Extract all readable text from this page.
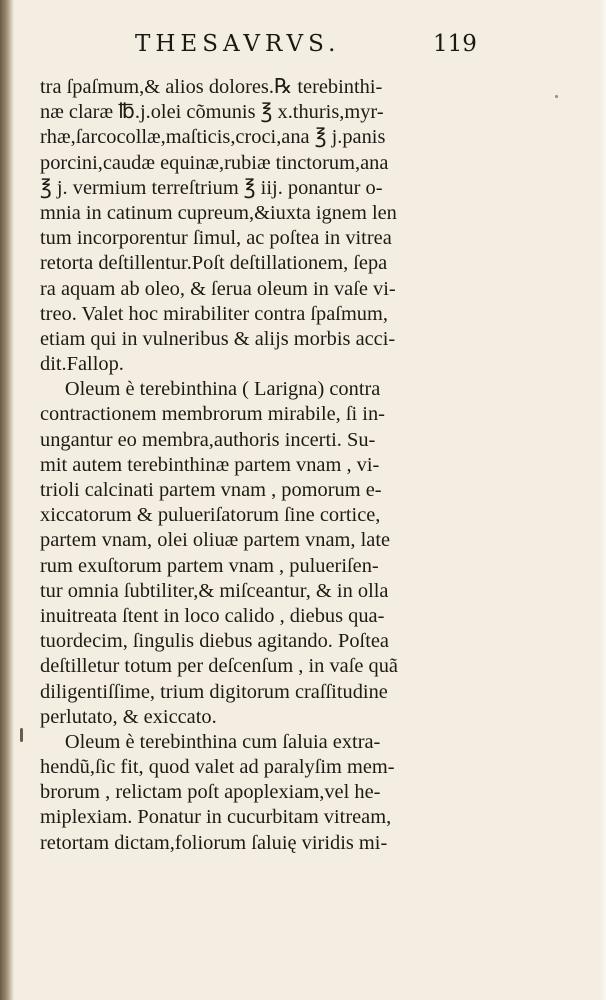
THESAVRVS.	119
tra ſpaſmum,& alios dolores.℞ terebinthi-
næ claræ ℔.j.olei cõmunis ℥ x.thuris,myr-
rhæ,ſarcocollæ,maſticis,croci,ana ℥ j.panis
porcini,caudæ equinæ,rubiæ tinctorum,ana
℥ j. vermium terreſtrium ℥ iij. ponantur o-
mnia in catinum cupreum,&iuxta ignem len
tum incorporentur ſimul, ac poſtea in vitrea
retorta deſtillentur.Poſt deſtillationem, ſepa
ra aquam ab oleo, & ſerua oleum in vaſe vi-
treo. Valet hoc mirabiliter contra ſpaſmum,
etiam qui in vulneribus & alijs morbis acci-
dit.Fallop.
Oleum è terebinthina ( Larigna) contra
contractionem membrorum mirabile, ſi in-
ungantur eo membra,authoris incerti. Su-
mit autem terebinthinæ partem vnam , vi-
trioli calcinati partem vnam , pomorum e-
xiccatorum & pulueriſatorum ſine cortice,
partem vnam, olei oliuæ partem vnam, late
rum exuſtorum partem vnam , pulueriſen-
tur omnia ſubtiliter,& miſceantur, & in olla
inuitreata ſtent in loco calido , diebus qua-
tuordecim, ſingulis diebus agitando. Poſtea
deſtilletur totum per deſcenſum , in vaſe quã
diligentiſſime, trium digitorum craſſitudine
perlutato, & exiccato.
Oleum è terebinthina cum ſaluia extra-
hendũ,ſic fit, quod valet ad paralyſim mem-
brorum , relictam poſt apoplexiam,vel he-
miplexiam. Ponatur in cucurbitam vitream,
retortam dictam,foliorum ſaluię viridis mi-
